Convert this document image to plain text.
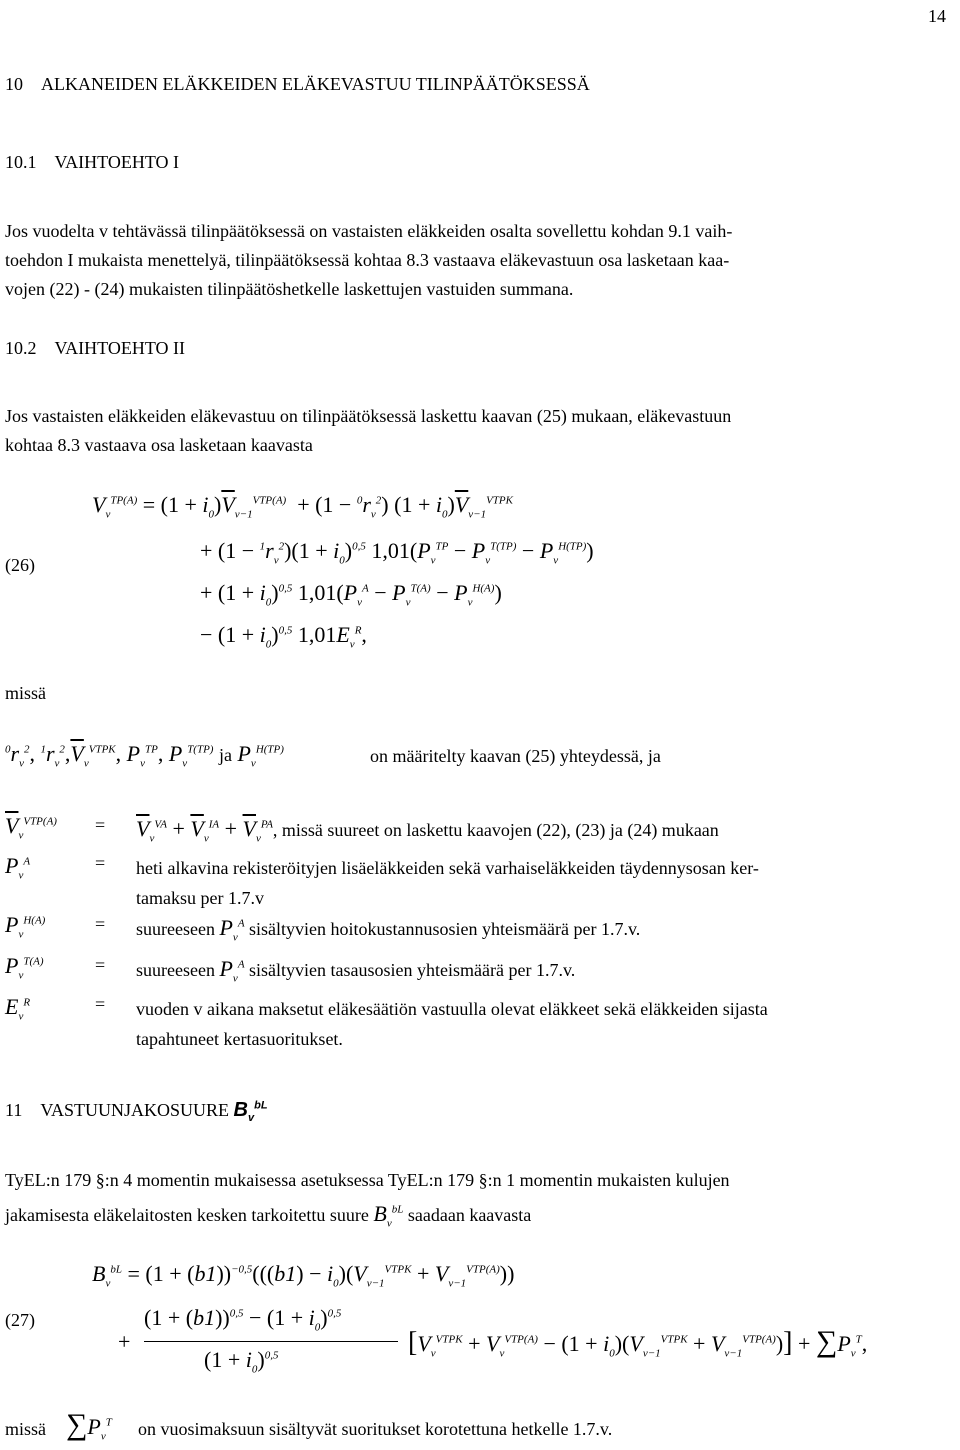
14
10 ALKANEIDEN ELÄKKEIDEN ELÄKEVASTUU TILINPÄÄTÖKSESSÄ
10.1 VAIHTOEHTO I
Jos vuodelta v tehtävässä tilinpäätöksessä on vastaisten eläkkeiden osalta sovellettu kohdan 9.1 vaih-
toehdon I mukaista menettelyä, tilinpäätöksessä kohtaa 8.3 vastaava eläkevastuun osa lasketaan kaa-
vojen (22) - (24) mukaisten tilinpäätöshetkelle laskettujen vastuiden summana.
10.2 VAIHTOEHTO II
Jos vastaisten eläkkeiden eläkevastuu on tilinpäätöksessä laskettu kaavan (25) mukaan, eläkevastuun
kohtaa 8.3 vastaava osa lasketaan kaavasta
(26)
$V_v^{TP(A)} = (1 + i_0)\overline{V}_{v-1}^{VTP(A)} + (1 - ^0r_v^2) (1 + i_0)\overline{V}_{v-1}^{VTPK}$
+ $(1 - ^1r_v^2)(1 + i_0)^{0,5}$ $1,01(P_v^{TP} - P_v^{T(TP)} - P_v^{H(TP)})$
+ $(1 + i_0)^{0,5}$ $1,01(P_v^A - P_v^{T(A)} - P_v^{H(A)})$
− $(1 + i_0)^{0,5}$ $1,01E_v^R$,
missä
$^0r_v^2$, $^1r_v^2,\overline{V}_v^{VTPK}$, $P_v^{TP}$, $P_v^{T(TP)}$ ja $P_v^{H(TP)}$	on määritelty kaavan (25) yhteydessä, ja
$\overline{V}_v^{VTP(A)} = \overline{V}_v^{VA} + \overline{V}_v^{IA} + \overline{V}_v^{PA}$, missä suureet on laskettu kaavojen (22), (23) ja (24) mukaan
$P_v^A$	= heti alkavina rekisteröityjen lisäeläkkeiden sekä varhaiseläkkeiden täydennysosan ker-
tamaksu per 1.7.v
$P_v^{H(A)}$	= suureeseen $P_v^A$ sisältyvien hoitokustannusosien yhteismäärä per 1.7.v.
$P_v^{T(A)}$	= suureeseen $P_v^A$ sisältyvien tasausosien yhteismäärä per 1.7.v.
$E_v^R$	= vuoden v aikana maksetut eläkesäätiön vastuulla olevat eläkkeet sekä eläkkeiden sijasta
tapahtuneet kertasuoritukset.
11 VASTUUNJAKOSUURE $B_v^{bL}$
TyEL:n 179 §:n 4 momentin mukaisessa asetuksessa TyEL:n 179 §:n 1 momentin mukaisten kulujen
jakamisesta eläkelaitosten kesken tarkoitettu suure $B_v^{bL}$ saadaan kaavasta
(27)
$B_v^{bL} = (1 + (b1))^{-0,5}(((b1) - i_0)(V_{v-1}^{VTPK} + V_{v-1}^{VTP(A)}))$
+
$(1 + (b1))^{0,5} - (1 + i_0)^{0,5}$
$(1 + i_0)^{0,5}$	$[V_v^{VTPK} + V_v^{VTP(A)} - (1 + i_0)(V_{v-1}^{VTPK} + V_{v-1}^{VTP(A)})] + \sum P_v^T$,
missä $\sum P_v^T$ on vuosimaksuun sisältyvät suoritukset korotettuna hetkelle 1.7.v.
